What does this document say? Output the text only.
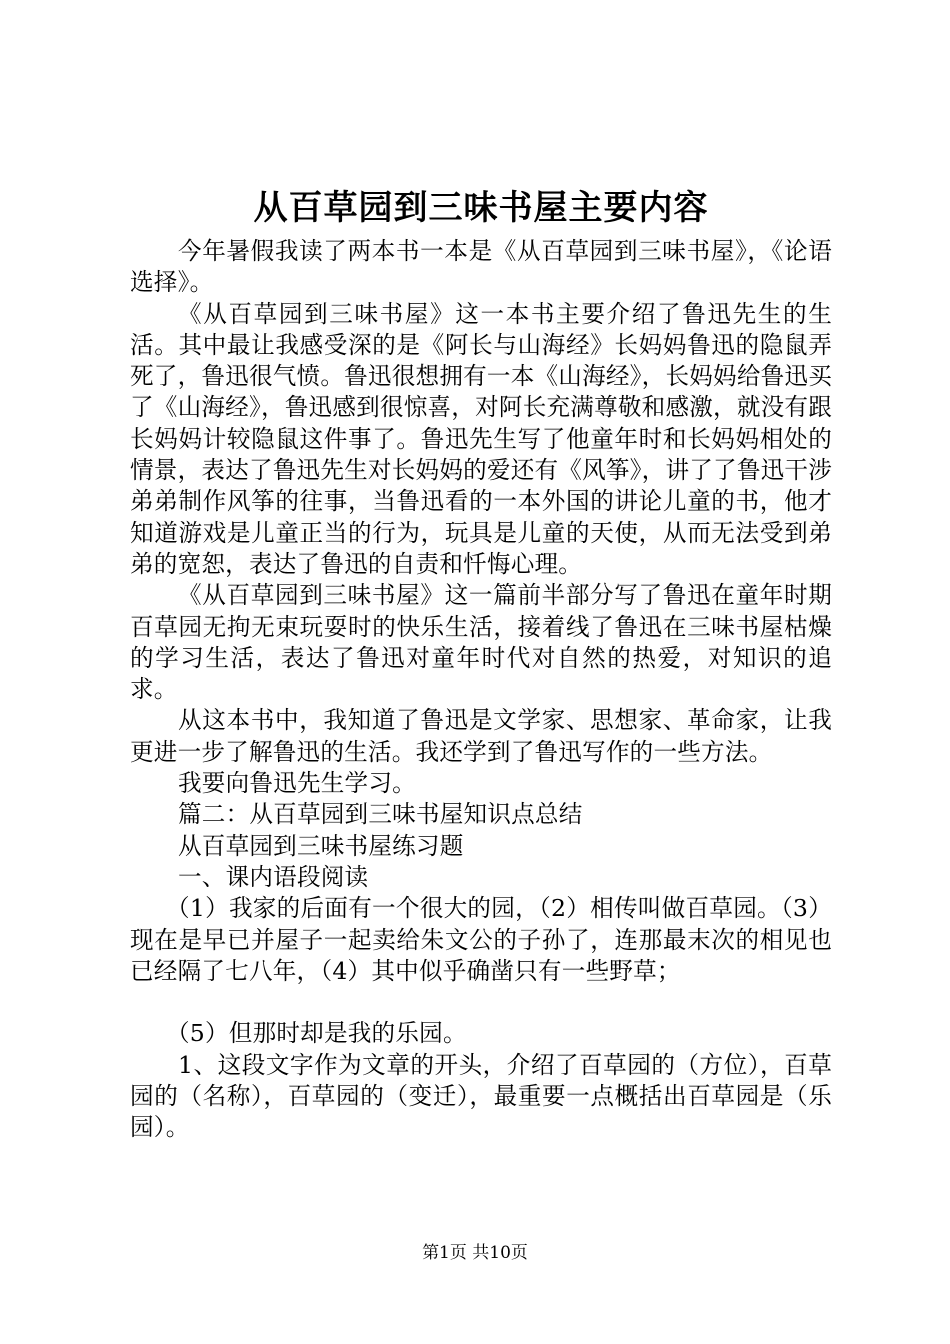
从百草园到三味书屋主要内容

今年暑假我读了两本书一本是《从百草园到三味书屋》，《论语选择》。

《从百草园到三味书屋》这一本书主要介绍了鲁迅先生的生活。其中最让我感受深的是《阿长与山海经》长妈妈鲁迅的隐鼠弄死了，鲁迅很气愤。鲁迅很想拥有一本《山海经》，长妈妈给鲁迅买了《山海经》，鲁迅感到很惊喜，对阿长充满尊敬和感激，就没有跟长妈妈计较隐鼠这件事了。鲁迅先生写了他童年时和长妈妈相处的情景，表达了鲁迅先生对长妈妈的爱还有《风筝》，讲了了鲁迅干涉弟弟制作风筝的往事，当鲁迅看的一本外国的讲论儿童的书，他才知道游戏是儿童正当的行为，玩具是儿童的天使，从而无法受到弟弟的宽恕，表达了鲁迅的自责和忏悔心理。

《从百草园到三味书屋》这一篇前半部分写了鲁迅在童年时期百草园无拘无束玩耍时的快乐生活，接着线了鲁迅在三味书屋枯燥的学习生活，表达了鲁迅对童年时代对自然的热爱，对知识的追求。

从这本书中，我知道了鲁迅是文学家、思想家、革命家，让我更进一步了解鲁迅的生活。我还学到了鲁迅写作的一些方法。

我要向鲁迅先生学习。

篇二：从百草园到三味书屋知识点总结

从百草园到三味书屋练习题

一、课内语段阅读

（1）我家的后面有一个很大的园，（2）相传叫做百草园。（3）现在是早已并屋子一起卖给朱文公的子孙了，连那最末次的相见也已经隔了七八年，（4）其中似乎确凿只有一些野草；

（5）但那时却是我的乐园。

1、这段文字作为文章的开头，介绍了百草园的（方位），百草园的（名称），百草园的（变迁），最重要一点概括出百草园是（乐园）。

第1页 共10页
